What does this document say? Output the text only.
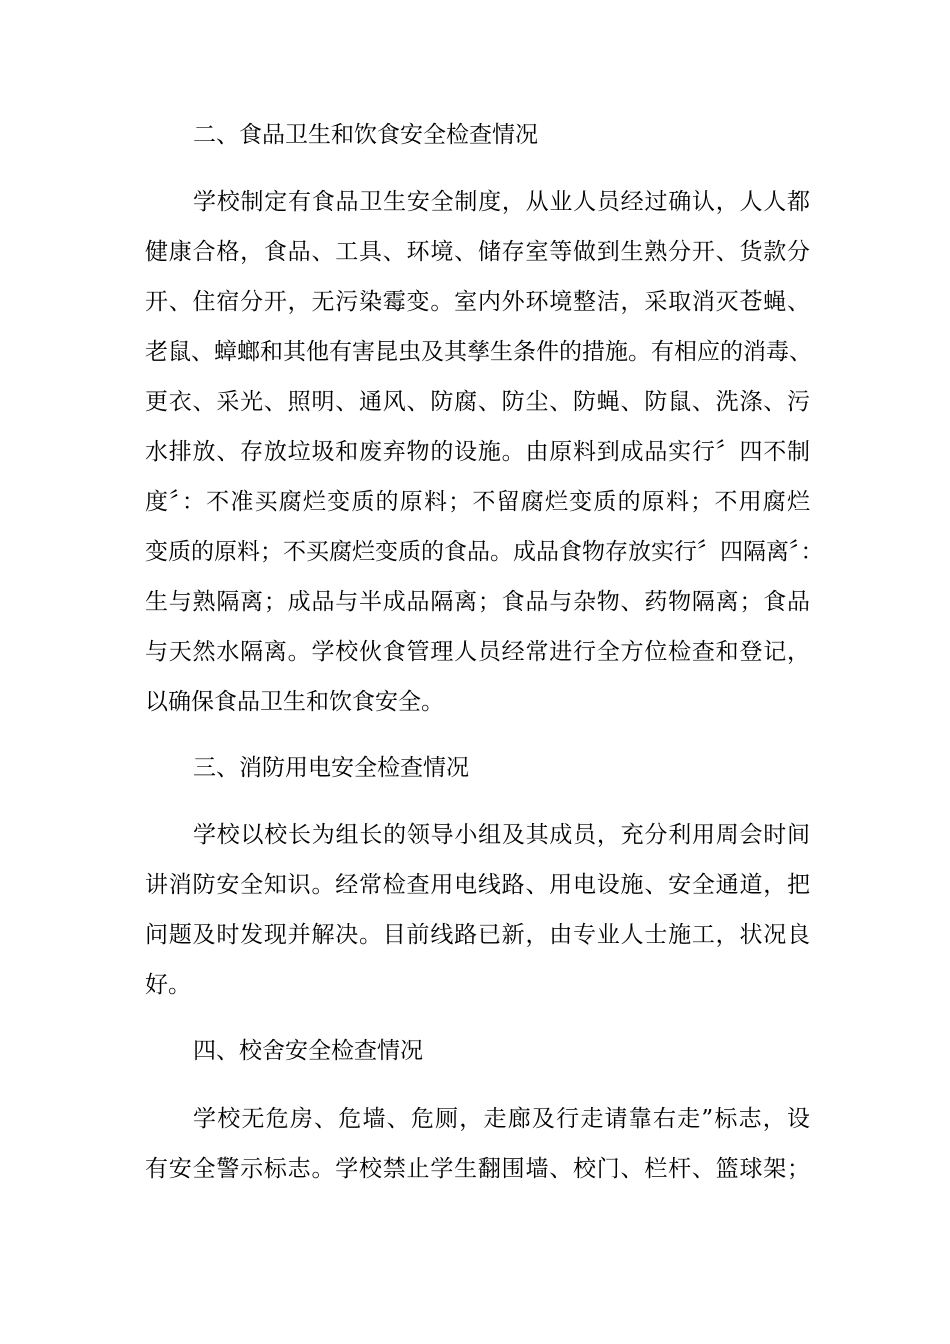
二、食品卫生和饮食安全检查情况
学校制定有食品卫生安全制度，从业人员经过确认，人人都
健康合格，食品、工具、环境、储存室等做到生熟分开、货款分
开、住宿分开，无污染霉变。室内外环境整洁，采取消灭苍蝇、
老鼠、蟑螂和其他有害昆虫及其孳生条件的措施。有相应的消毒、
更衣、采光、照明、通风、防腐、防尘、防蝇、防鼠、洗涤、污
水排放、存放垃圾和废弃物的设施。由原料到成品实行〞四不制
度〞：不准买腐烂变质的原料；不留腐烂变质的原料；不用腐烂
变质的原料；不买腐烂变质的食品。成品食物存放实行〞四隔离〞：
生与熟隔离；成品与半成品隔离；食品与杂物、药物隔离；食品
与天然水隔离。学校伙食管理人员经常进行全方位检查和登记，
以确保食品卫生和饮食安全。
三、消防用电安全检查情况
学校以校长为组长的领导小组及其成员，充分利用周会时间
讲消防安全知识。经常检查用电线路、用电设施、安全通道，把
问题及时发现并解决。目前线路已新，由专业人士施工，状况良
好。
四、校舍安全检查情况
学校无危房、危墙、危厕，走廊及行走请靠右走”标志，设
有安全警示标志。学校禁止学生翻围墙、校门、栏杆、篮球架；
